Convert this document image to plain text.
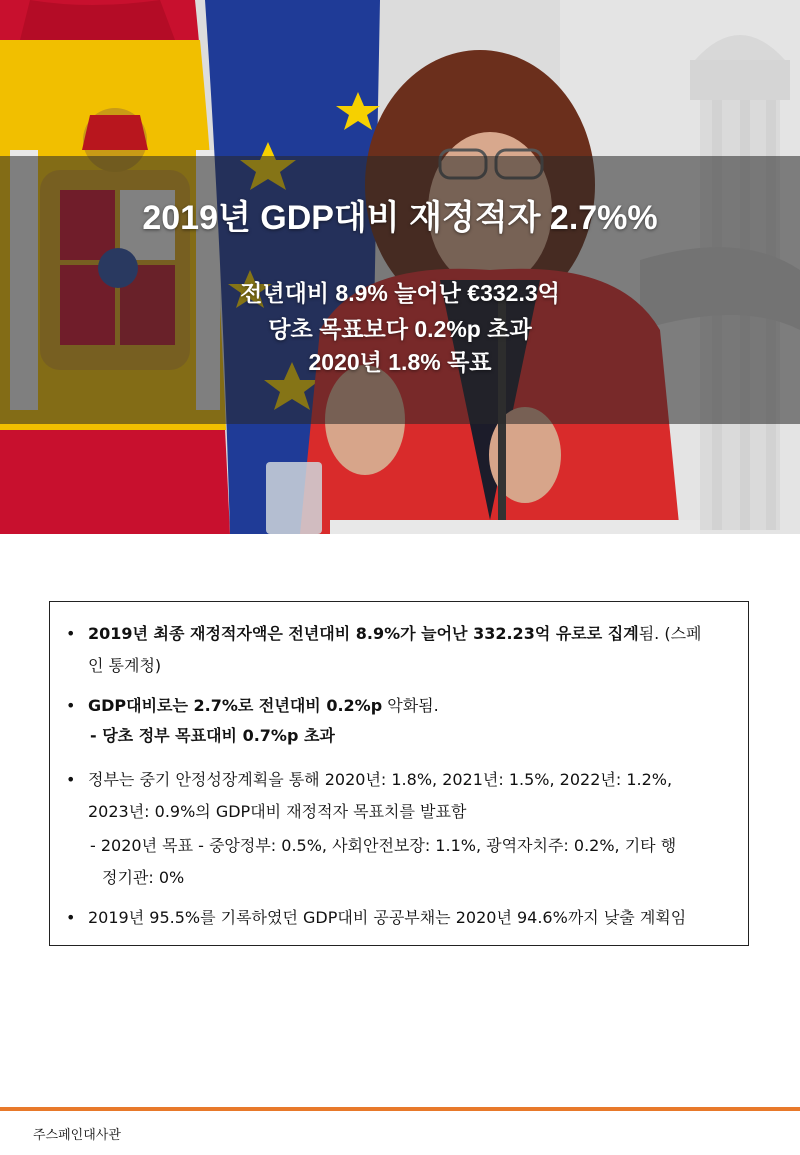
2019년 GDP대비 재정적자 2.7%%
전년대비 8.9% 늘어난 €332.3억
당초 목표보다 0.2%p 초과
2020년 1.8% 목표
• 2019년 최종 재정적자액은 전년대비 8.9%가 늘어난 332.23억 유로로 집계됨. (스페
인 통계청)
• GDP대비로는 2.7%로 전년대비 0.2%p 악화됨.
- 당초 정부 목표대비 0.7%p 초과
• 정부는 중기 안정성장계획을 통해 2020년: 1.8%, 2021년: 1.5%, 2022년: 1.2%,
2023년: 0.9%의 GDP대비 재정적자 목표치를 발표함
- 2020년 목표 - 중앙정부: 0.5%, 사회안전보장: 1.1%, 광역자치주: 0.2%, 기타 행
정기관: 0%
• 2019년 95.5%를 기록하였던 GDP대비 공공부채는 2020년 94.6%까지 낮출 계획임
주스페인대사관
